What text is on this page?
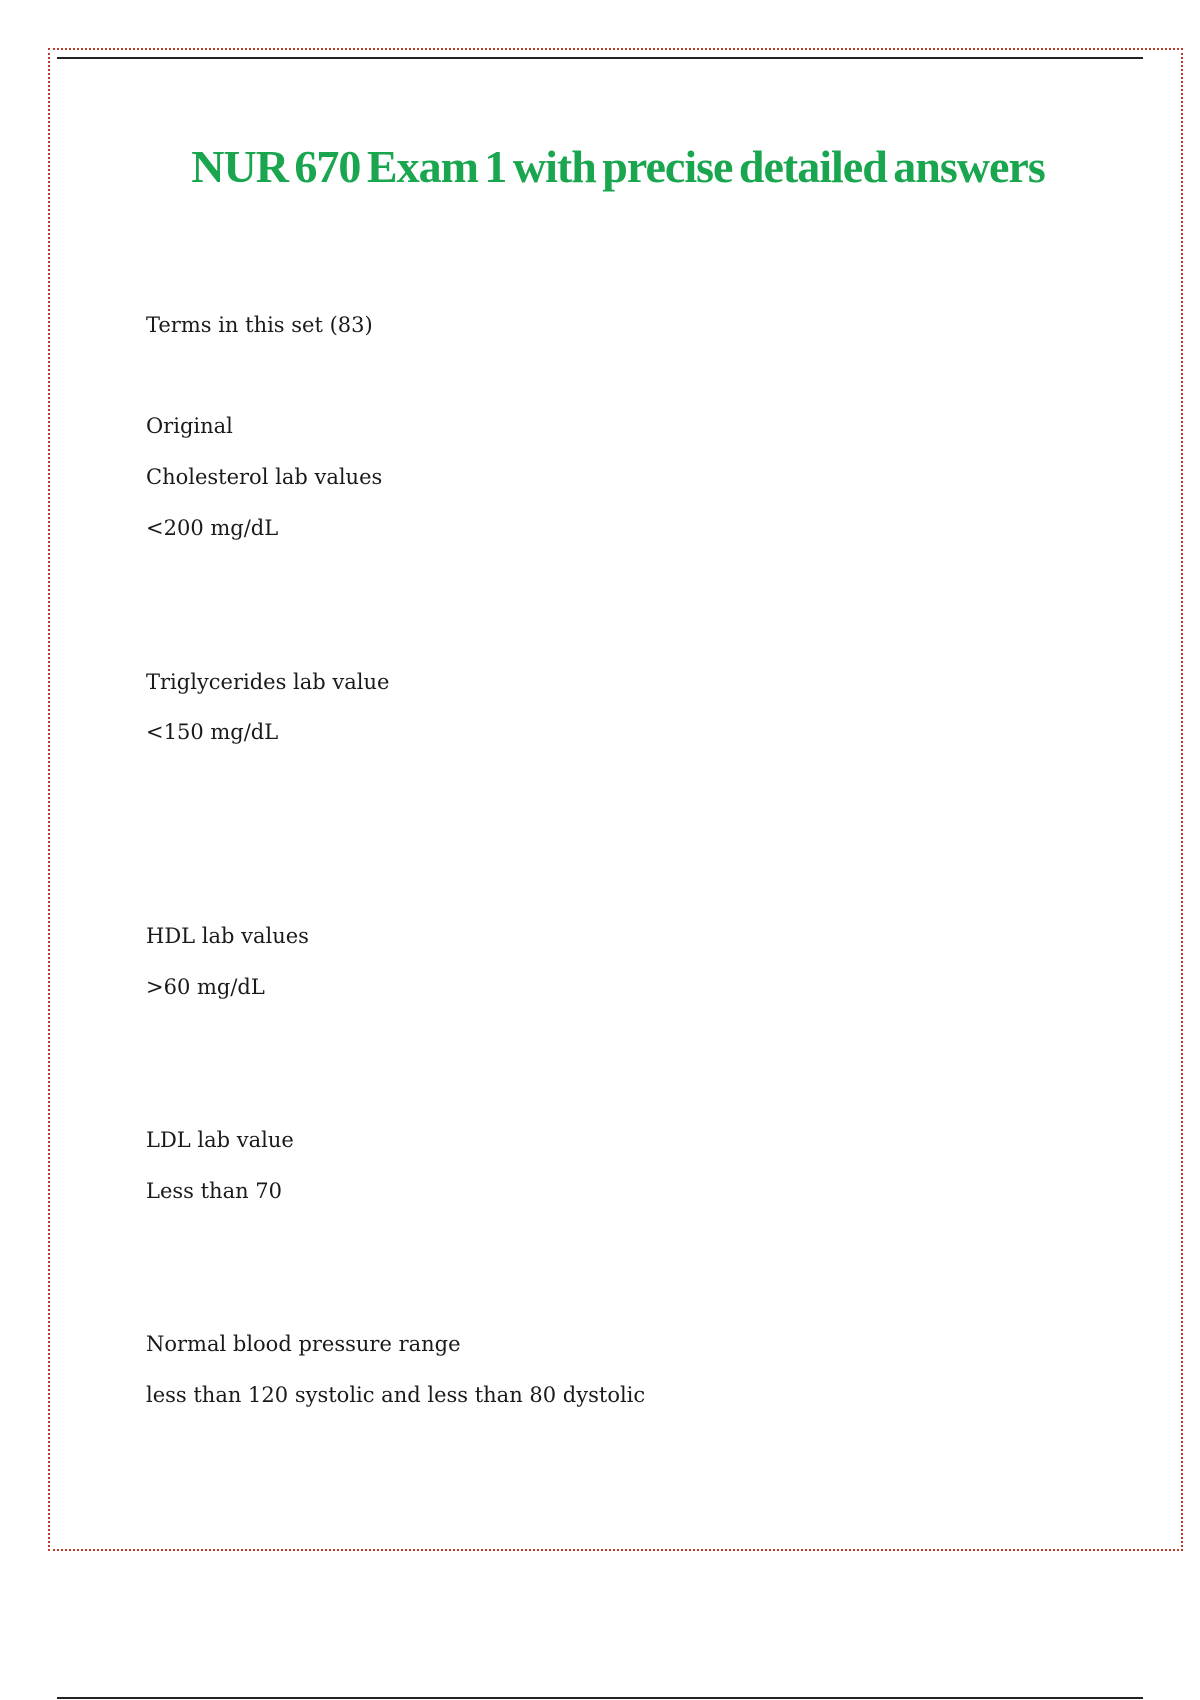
NUR 670 Exam 1 with precise detailed answers

Terms in this set (83)

Original

Cholesterol lab values

<200 mg/dL

Triglycerides lab value

<150 mg/dL

HDL lab values

>60 mg/dL

LDL lab value

Less than 70

Normal blood pressure range

less than 120 systolic and less than 80 dystolic
